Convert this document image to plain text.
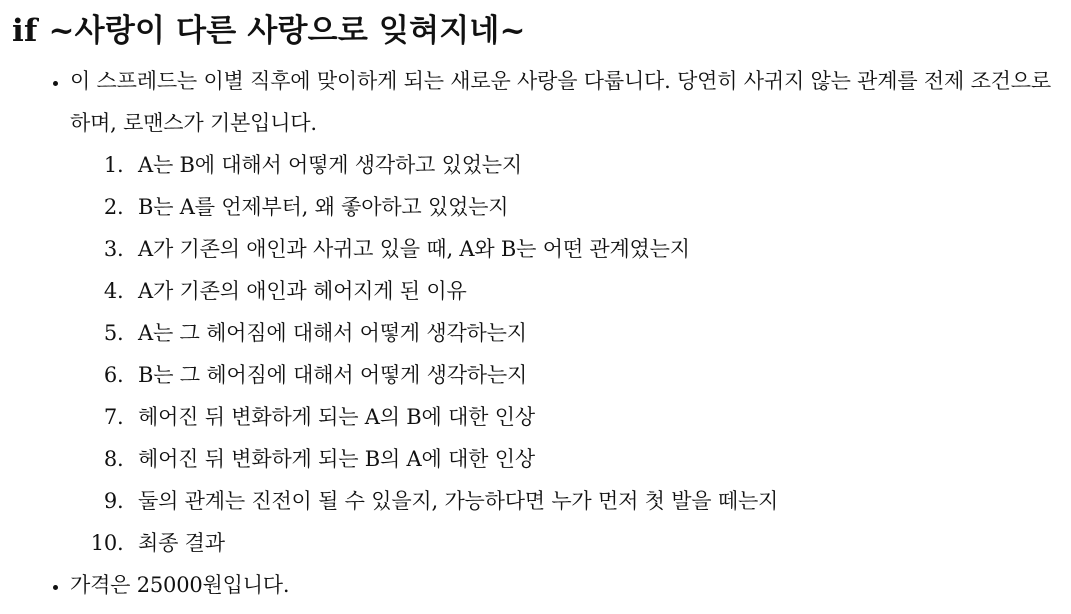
if ~사랑이 다른 사랑으로 잊혀지네~
• 이 스프레드는 이별 직후에 맞이하게 되는 새로운 사랑을 다룹니다. 당연히 사귀지 않는 관계를 전제 조건으로 하며, 로맨스가 기본입니다.
1. A는 B에 대해서 어떻게 생각하고 있었는지
2. B는 A를 언제부터, 왜 좋아하고 있었는지
3. A가 기존의 애인과 사귀고 있을 때, A와 B는 어떤 관계였는지
4. A가 기존의 애인과 헤어지게 된 이유
5. A는 그 헤어짐에 대해서 어떻게 생각하는지
6. B는 그 헤어짐에 대해서 어떻게 생각하는지
7. 헤어진 뒤 변화하게 되는 A의 B에 대한 인상
8. 헤어진 뒤 변화하게 되는 B의 A에 대한 인상
9. 둘의 관계는 진전이 될 수 있을지, 가능하다면 누가 먼저 첫 발을 떼는지
10. 최종 결과
• 가격은 25000원입니다.
